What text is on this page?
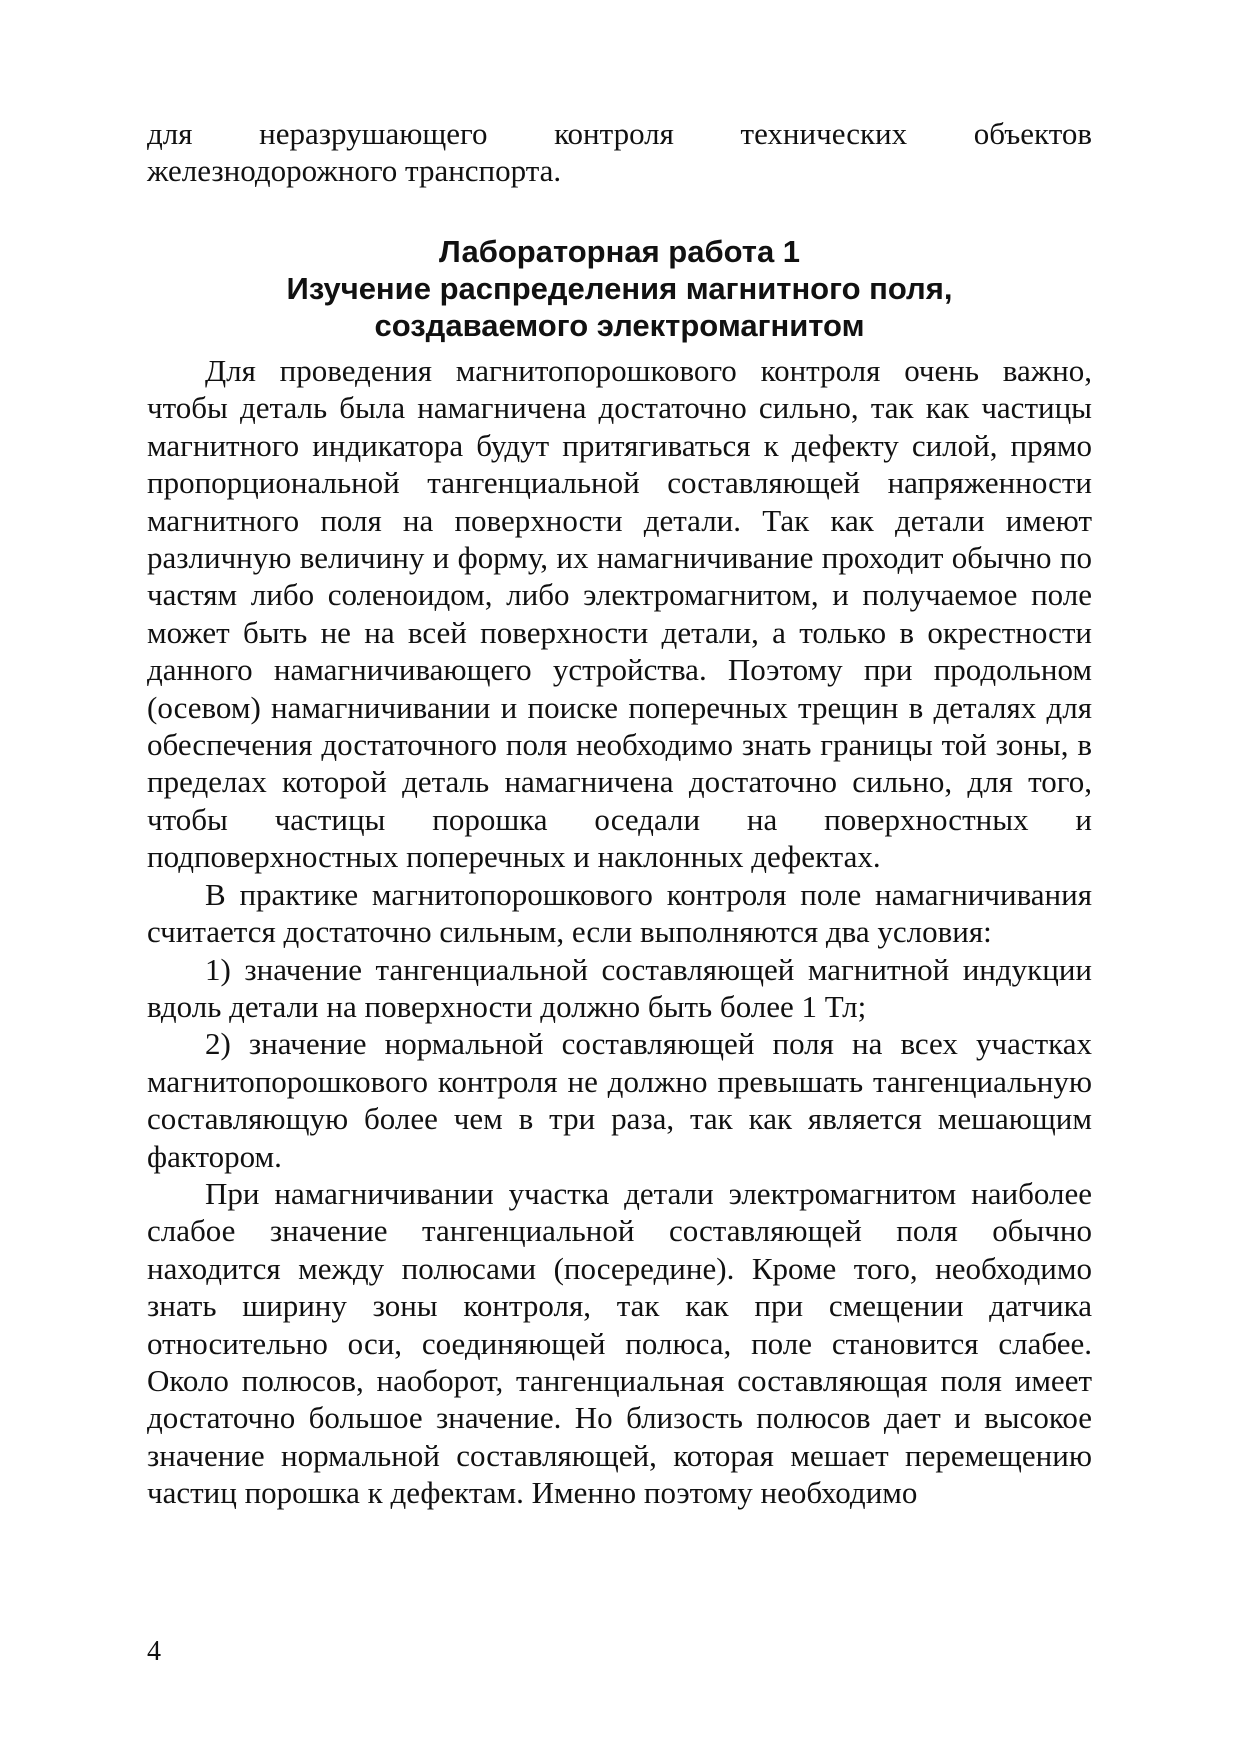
для неразрушающего контроля технических объектов железнодорожного транспорта.

Лабораторная работа 1
Изучение распределения магнитного поля,
создаваемого электромагнитом

Для проведения магнитопорошкового контроля очень важно, чтобы деталь была намагничена достаточно сильно, так как частицы магнитного индикатора будут притягиваться к дефекту силой, прямо пропорциональной тангенциальной составляющей напряженности магнитного поля на поверхности детали. Так как детали имеют различную величину и форму, их намагничивание проходит обычно по частям либо соленоидом, либо электромагнитом, и получаемое поле может быть не на всей поверхности детали, а только в окрестности данного намагничивающего устройства. Поэтому при продольном (осевом) намагничивании и поиске поперечных трещин в деталях для обеспечения достаточного поля необходимо знать границы той зоны, в пределах которой деталь намагничена достаточно сильно, для того, чтобы частицы порошка оседали на поверхностных и подповерхностных поперечных и наклонных дефектах.

В практике магнитопорошкового контроля поле намагничивания считается достаточно сильным, если выполняются два условия:

1) значение тангенциальной составляющей магнитной индукции вдоль детали на поверхности должно быть более 1 Тл;

2) значение нормальной составляющей поля на всех участках магнитопорошкового контроля не должно превышать тангенциальную составляющую более чем в три раза, так как является мешающим фактором.

При намагничивании участка детали электромагнитом наиболее слабое значение тангенциальной составляющей поля обычно находится между полюсами (посередине). Кроме того, необходимо знать ширину зоны контроля, так как при смещении датчика относительно оси, соединяющей полюса, поле становится слабее. Около полюсов, наоборот, тангенциальная составляющая поля имеет достаточно большое значение. Но близость полюсов дает и высокое значение нормальной составляющей, которая мешает перемещению частиц порошка к дефектам. Именно поэтому необходимо

4
